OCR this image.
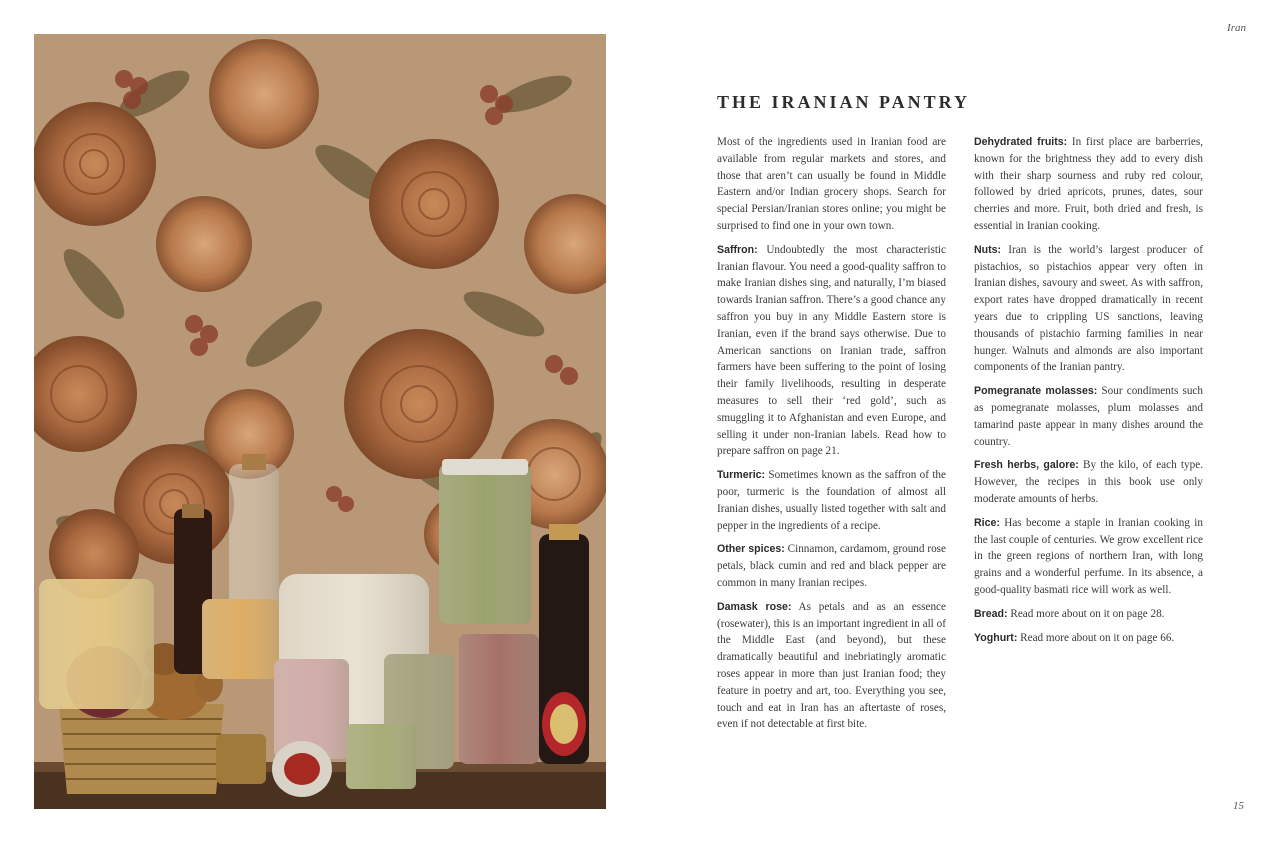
Iran
THE IRANIAN PANTRY

Most of the ingredients used in Iranian food are available from regular markets and stores, and those that aren’t can usually be found in Middle Eastern and/or Indian grocery shops. Search for special Persian/Iranian stores online; you might be surprised to find one in your own town.

Saffron: Undoubtedly the most characteristic Iranian flavour. You need a good-quality saffron to make Iranian dishes sing, and naturally, I’m biased towards Iranian saffron. There’s a good chance any saffron you buy in any Middle Eastern store is Iranian, even if the brand says otherwise. Due to American sanctions on Iranian trade, saffron farmers have been suffering to the point of losing their family livelihoods, resulting in desperate measures to sell their ‘red gold’, such as smuggling it to Afghanistan and even Europe, and selling it under non-Iranian labels. Read how to prepare saffron on page 21.

Turmeric: Sometimes known as the saffron of the poor, turmeric is the foundation of almost all Iranian dishes, usually listed together with salt and pepper in the ingredients of a recipe.

Other spices: Cinnamon, cardamom, ground rose petals, black cumin and red and black pepper are common in many Iranian recipes.

Damask rose: As petals and as an essence (rosewater), this is an important ingredient in all of the Middle East (and beyond), but these dramatically beautiful and inebriatingly aromatic roses appear in more than just Iranian food; they feature in poetry and art, too. Everything you see, touch and eat in Iran has an aftertaste of roses, even if not detectable at first bite.

Dehydrated fruits: In first place are barberries, known for the brightness they add to every dish with their sharp sourness and ruby red colour, followed by dried apricots, prunes, dates, sour cherries and more. Fruit, both dried and fresh, is essential in Iranian cooking.

Nuts: Iran is the world’s largest producer of pistachios, so pistachios appear very often in Iranian dishes, savoury and sweet. As with saffron, export rates have dropped dramatically in recent years due to crippling US sanctions, leaving thousands of pistachio farming families in near hunger. Walnuts and almonds are also important components of the Iranian pantry.

Pomegranate molasses: Sour condiments such as pomegranate molasses, plum molasses and tamarind paste appear in many dishes around the country.

Fresh herbs, galore: By the kilo, of each type. However, the recipes in this book use only moderate amounts of herbs.

Rice: Has become a staple in Iranian cooking in the last couple of centuries. We grow excellent rice in the green regions of northern Iran, with long grains and a wonderful perfume. In its absence, a good-quality basmati rice will work as well.

Bread: Read more about on it on page 28.

Yoghurt: Read more about on it on page 66.

15
